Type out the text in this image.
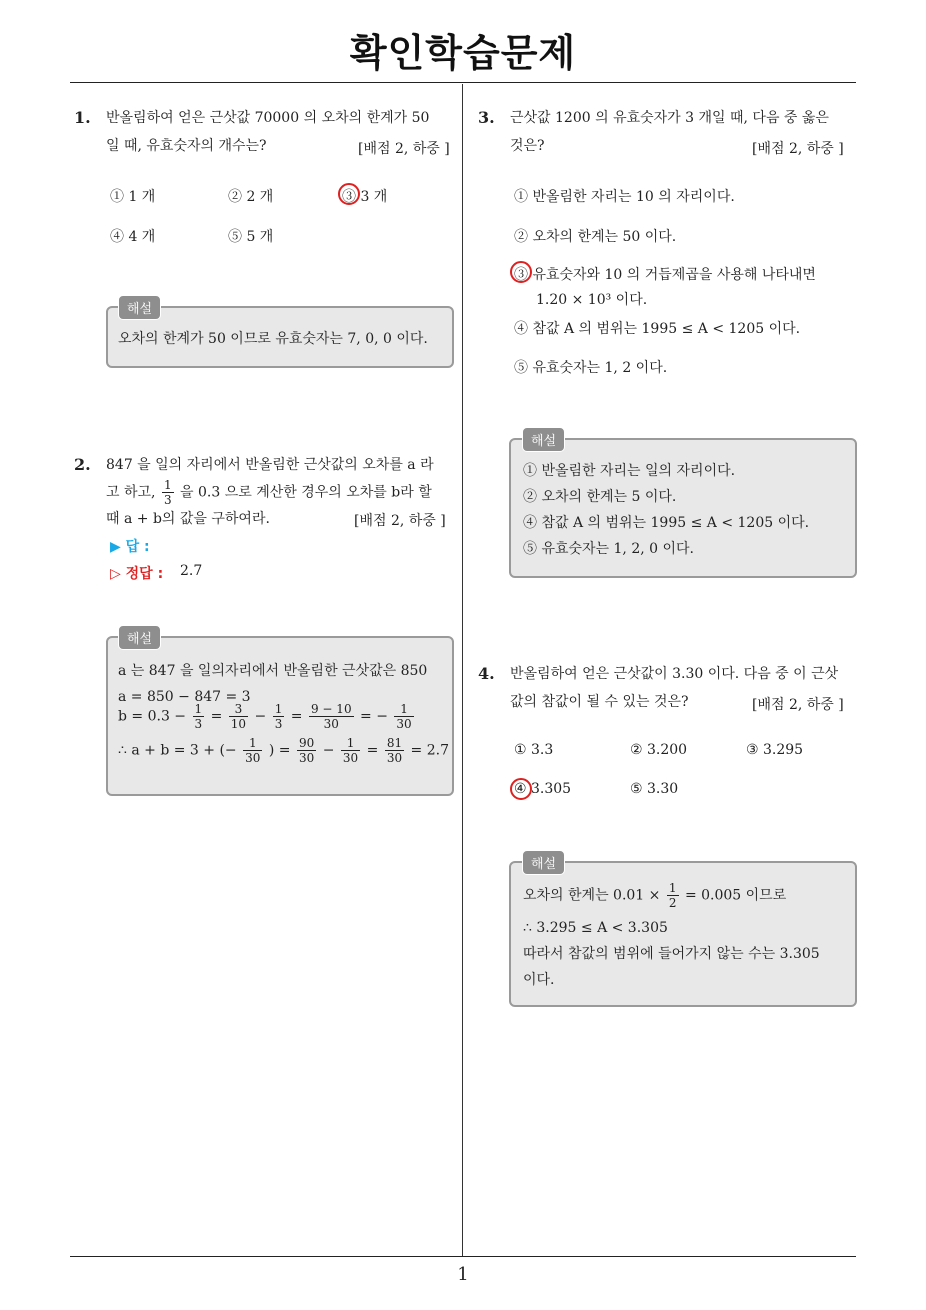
확인학습문제
1
1. 반올림하여 얻은 근삿값 70000 의 오차의 한계가 50
일 때, 유효숫자의 개수는?	[배점 2, 하중 ]
① 1 개	② 2 개	③ 3 개
④ 4 개	⑤ 5 개
오차의 한계가 50 이므로 유효숫자는 7, 0, 0 이다.
해설
2. 847 을 일의 자리에서 반올림한 근삿값의 오차를 a 라
고 하고, $\frac{1}{3}$ 을 0.3 으로 계산한 경우의 오차를 b라 할
때 a + b의 값을 구하여라.	[배점 2, 하중 ]
▶ 답 :
▷ 정답 : 2.7
a 는 847 을 일의자리에서 반올림한 근삿값은 850
a = 850 − 847 = 3
$b = 0.3 - \frac{1}{3} = \frac{3}{10} - \frac{1}{3} = \frac{9 - 10}{30}$ = − $\frac{1}{30}$
∴ a + b = 3 + (− $\frac{1}{30}$ ) = $\frac{90}{30} - \frac{1}{30} = \frac{81}{30} = 2.7$
해설
3. 근삿값 1200 의 유효숫자가 3 개일 때, 다음 중 옳은
것은?	[배점 2, 하중 ]
① 반올림한 자리는 10 의 자리이다.
② 오차의 한계는 50 이다.
③ 유효숫자와 10 의 거듭제곱을 사용해 나타내면
1.20 × 10³ 이다.
④ 참값 A 의 범위는 1995 ≤ A < 1205 이다.
⑤ 유효숫자는 1, 2 이다.
① 반올림한 자리는 일의 자리이다.
② 오차의 한계는 5 이다.
④ 참값 A 의 범위는 1995 ≤ A < 1205 이다.
⑤ 유효숫자는 1, 2, 0 이다.
해설
4. 반올림하여 얻은 근삿값이 3.30 이다. 다음 중 이 근삿
값의 참값이 될 수 있는 것은?	[배점 2, 하중 ]
① 3.3	② 3.200	③ 3.295
④ 3.305	⑤ 3.30
오차의 한계는 $0.01 \times \frac{1}{2} = 0.005$ 이므로
∴ 3.295 ≤ A < 3.305
따라서 참값의 범위에 들어가지 않는 수는 3.305
이다.
해설
